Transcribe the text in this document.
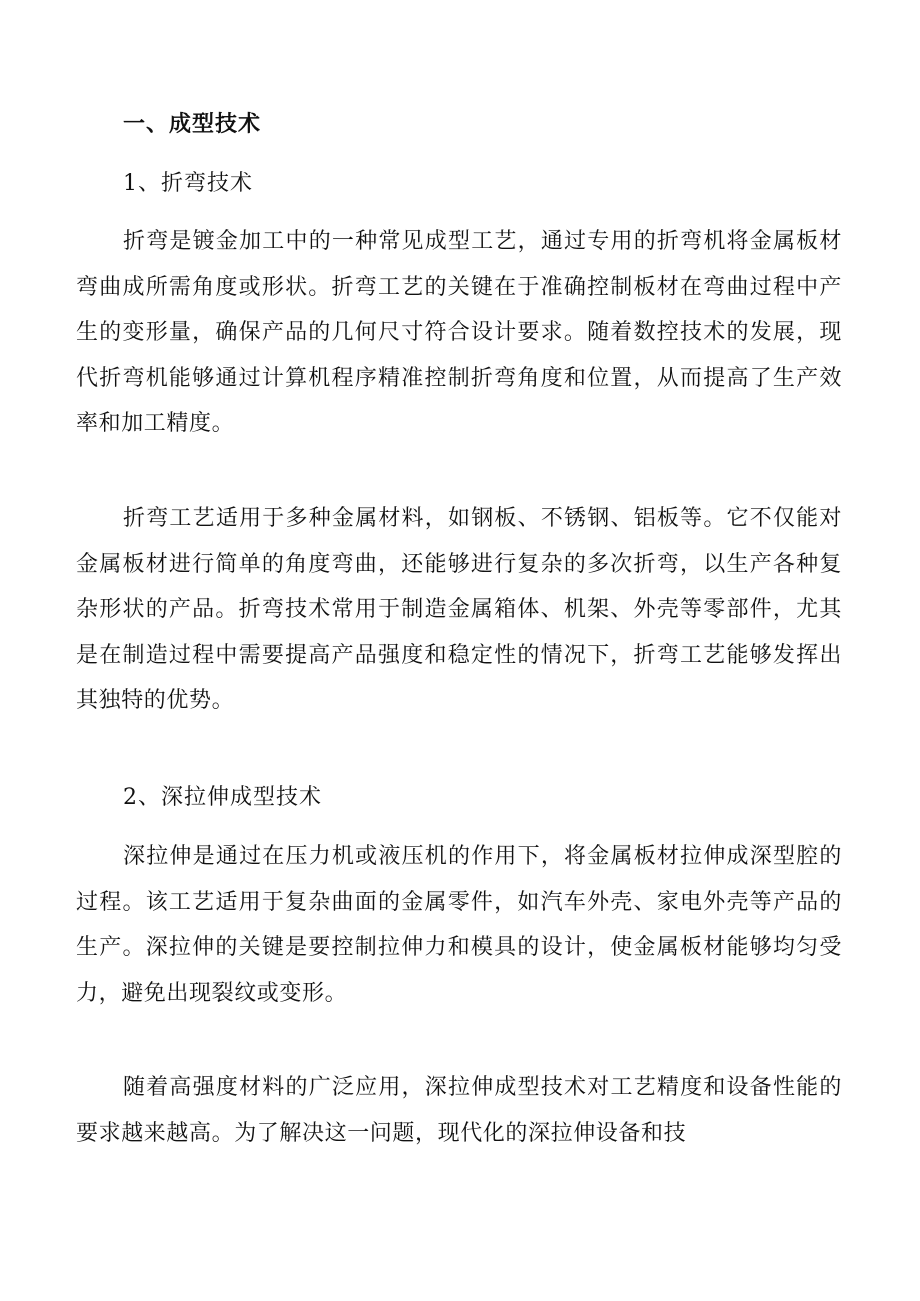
一、成型技术
1、折弯技术

折弯是镀金加工中的一种常见成型工艺，通过专用的折弯机将金属板材弯曲成所需角度或形状。折弯工艺的关键在于准确控制板材在弯曲过程中产生的变形量，确保产品的几何尺寸符合设计要求。随着数控技术的发展，现代折弯机能够通过计算机程序精准控制折弯角度和位置，从而提高了生产效率和加工精度。

折弯工艺适用于多种金属材料，如钢板、不锈钢、铝板等。它不仅能对金属板材进行简单的角度弯曲，还能够进行复杂的多次折弯，以生产各种复杂形状的产品。折弯技术常用于制造金属箱体、机架、外壳等零部件，尤其是在制造过程中需要提高产品强度和稳定性的情况下，折弯工艺能够发挥出其独特的优势。

2、深拉伸成型技术

深拉伸是通过在压力机或液压机的作用下，将金属板材拉伸成深型腔的过程。该工艺适用于复杂曲面的金属零件，如汽车外壳、家电外壳等产品的生产。深拉伸的关键是要控制拉伸力和模具的设计，使金属板材能够均匀受力，避免出现裂纹或变形。

随着高强度材料的广泛应用，深拉伸成型技术对工艺精度和设备性能的要求越来越高。为了解决这一问题，现代化的深拉伸设备和技
